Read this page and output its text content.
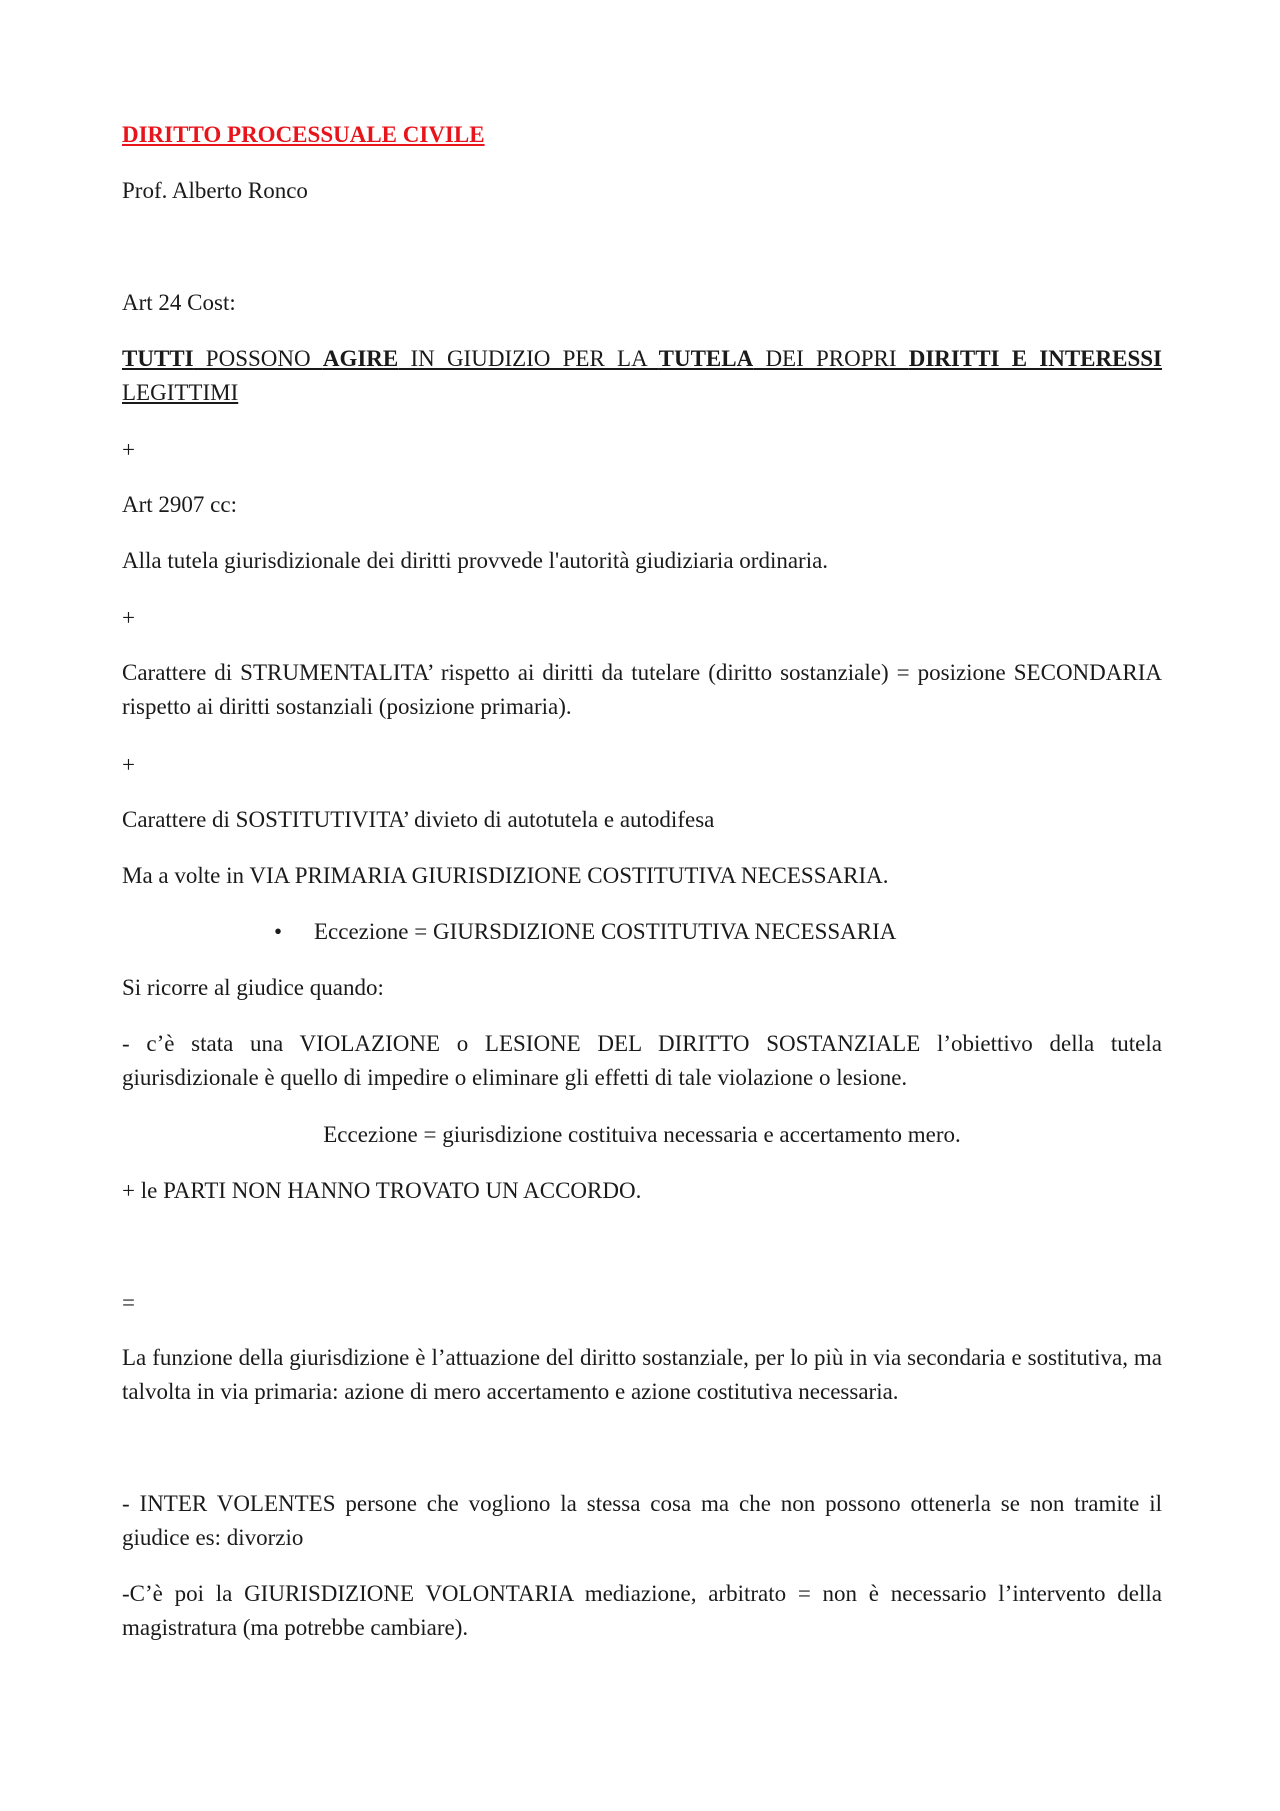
DIRITTO PROCESSUALE CIVILE
Prof. Alberto Ronco
Art 24 Cost:
TUTTI POSSONO AGIRE IN GIUDIZIO PER LA TUTELA DEI PROPRI DIRITTI E INTERESSI LEGITTIMI
+
Art 2907 cc:
Alla tutela giurisdizionale dei diritti provvede l'autorità giudiziaria ordinaria.
+
Carattere di STRUMENTALITA’ rispetto ai diritti da tutelare (diritto sostanziale) = posizione SECONDARIA rispetto ai diritti sostanziali (posizione primaria).
+
Carattere di SOSTITUTIVITA’ divieto di autotutela e autodifesa
Ma a volte in VIA PRIMARIA GIURISDIZIONE COSTITUTIVA NECESSARIA.
•	Eccezione = GIURSDIZIONE COSTITUTIVA NECESSARIA
Si ricorre al giudice quando:
- c’è stata una VIOLAZIONE o LESIONE DEL DIRITTO SOSTANZIALE l’obiettivo della tutela giurisdizionale è quello di impedire o eliminare gli effetti di tale violazione o lesione.
Eccezione = giurisdizione costituiva necessaria e accertamento mero.
+ le PARTI NON HANNO TROVATO UN ACCORDO.
=
La funzione della giurisdizione è l’attuazione del diritto sostanziale, per lo più in via secondaria e sostitutiva, ma talvolta in via primaria: azione di mero accertamento e azione costitutiva necessaria.
- INTER VOLENTES persone che vogliono la stessa cosa ma che non possono ottenerla se non tramite il giudice es: divorzio
-C’è poi la GIURISDIZIONE VOLONTARIA mediazione, arbitrato = non è necessario l’intervento della magistratura (ma potrebbe cambiare).
